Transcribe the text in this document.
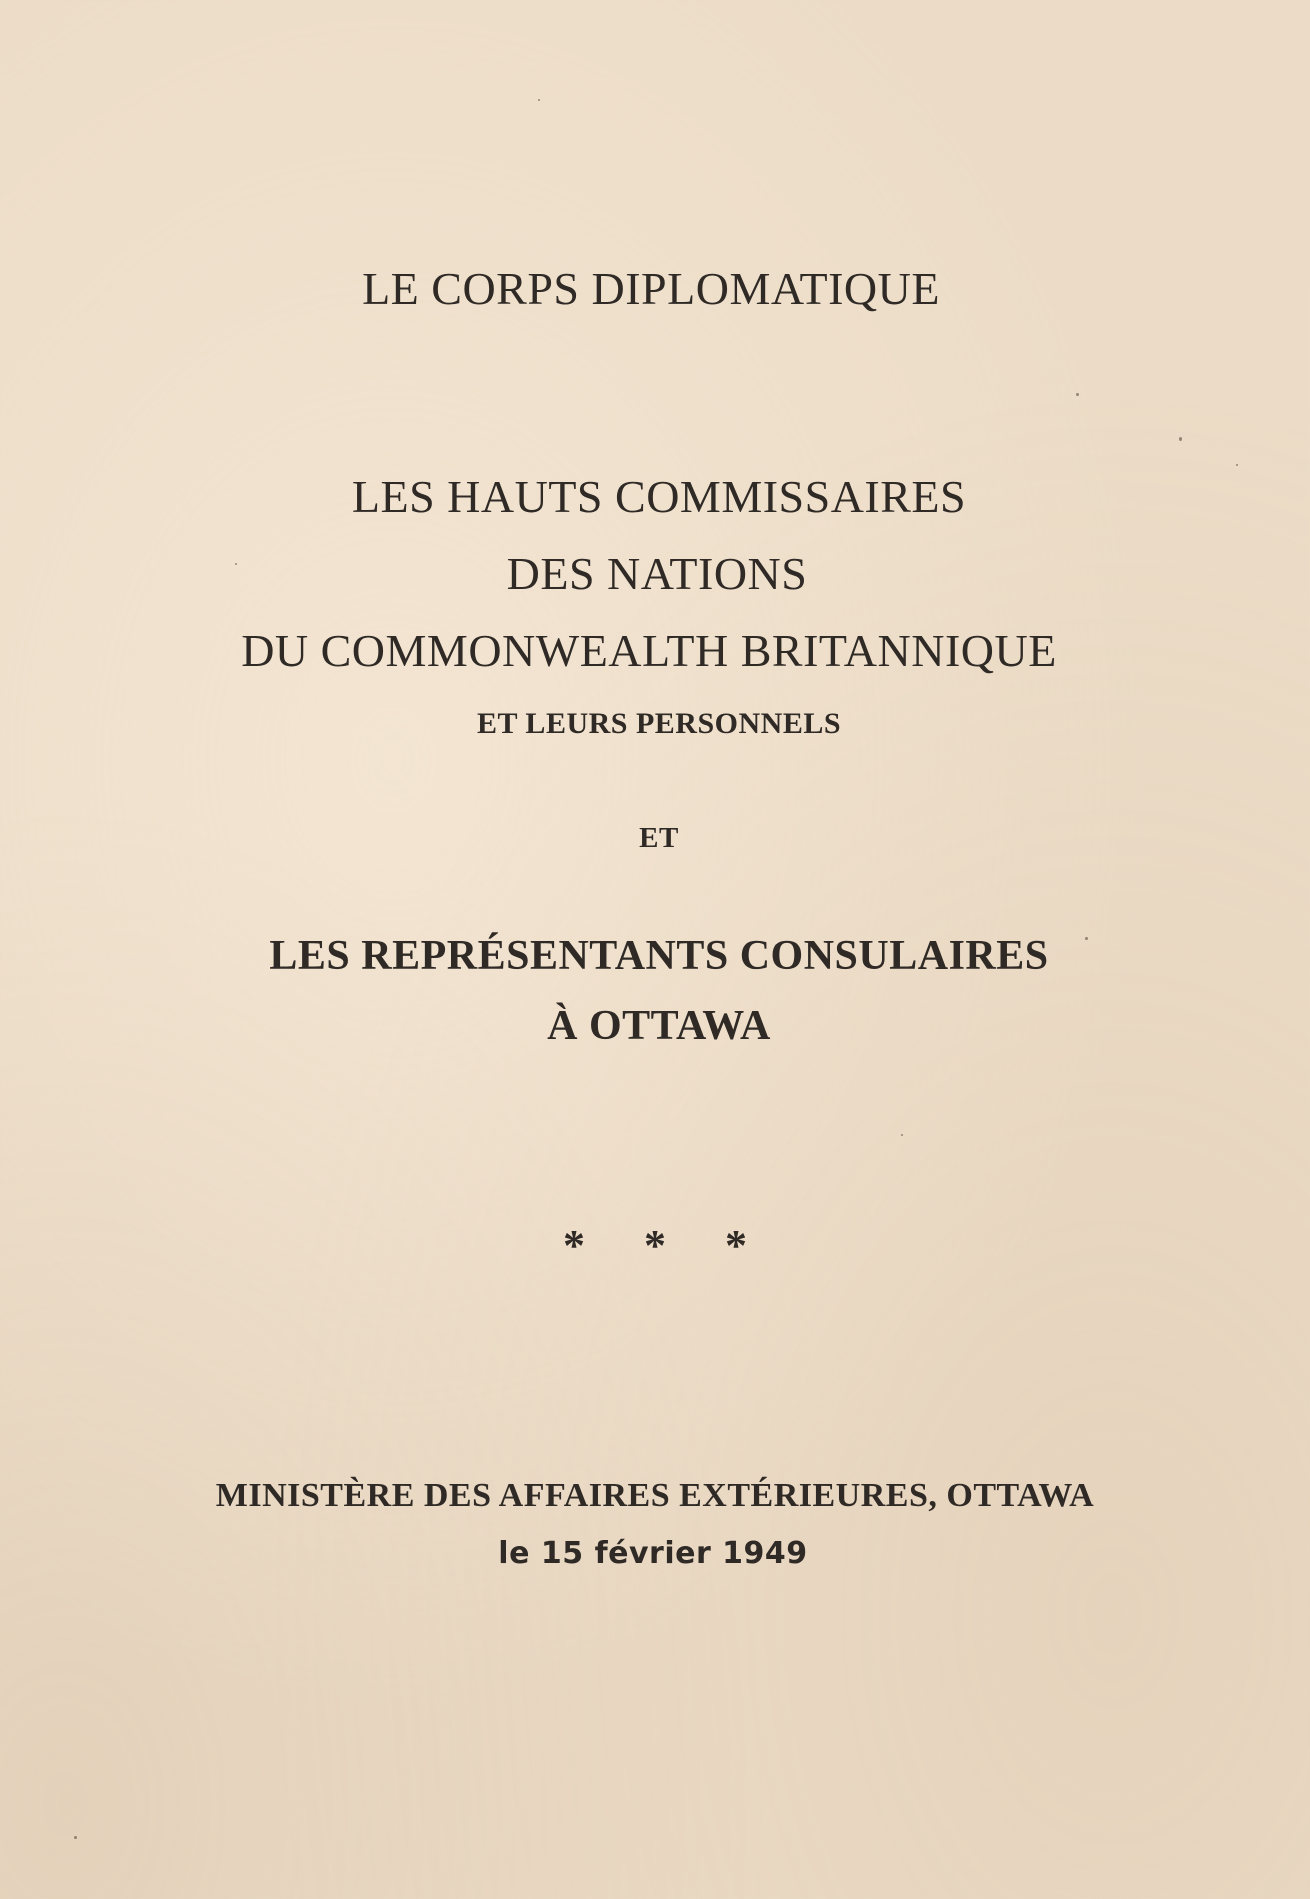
LE CORPS DIPLOMATIQUE
LES HAUTS COMMISSAIRES
DES NATIONS
DU COMMONWEALTH BRITANNIQUE
ET LEURS PERSONNELS
ET
LES REPRÉSENTANTS CONSULAIRES
À OTTAWA
* * *
MINISTÈRE DES AFFAIRES EXTÉRIEURES, OTTAWA
le 15 février 1949
